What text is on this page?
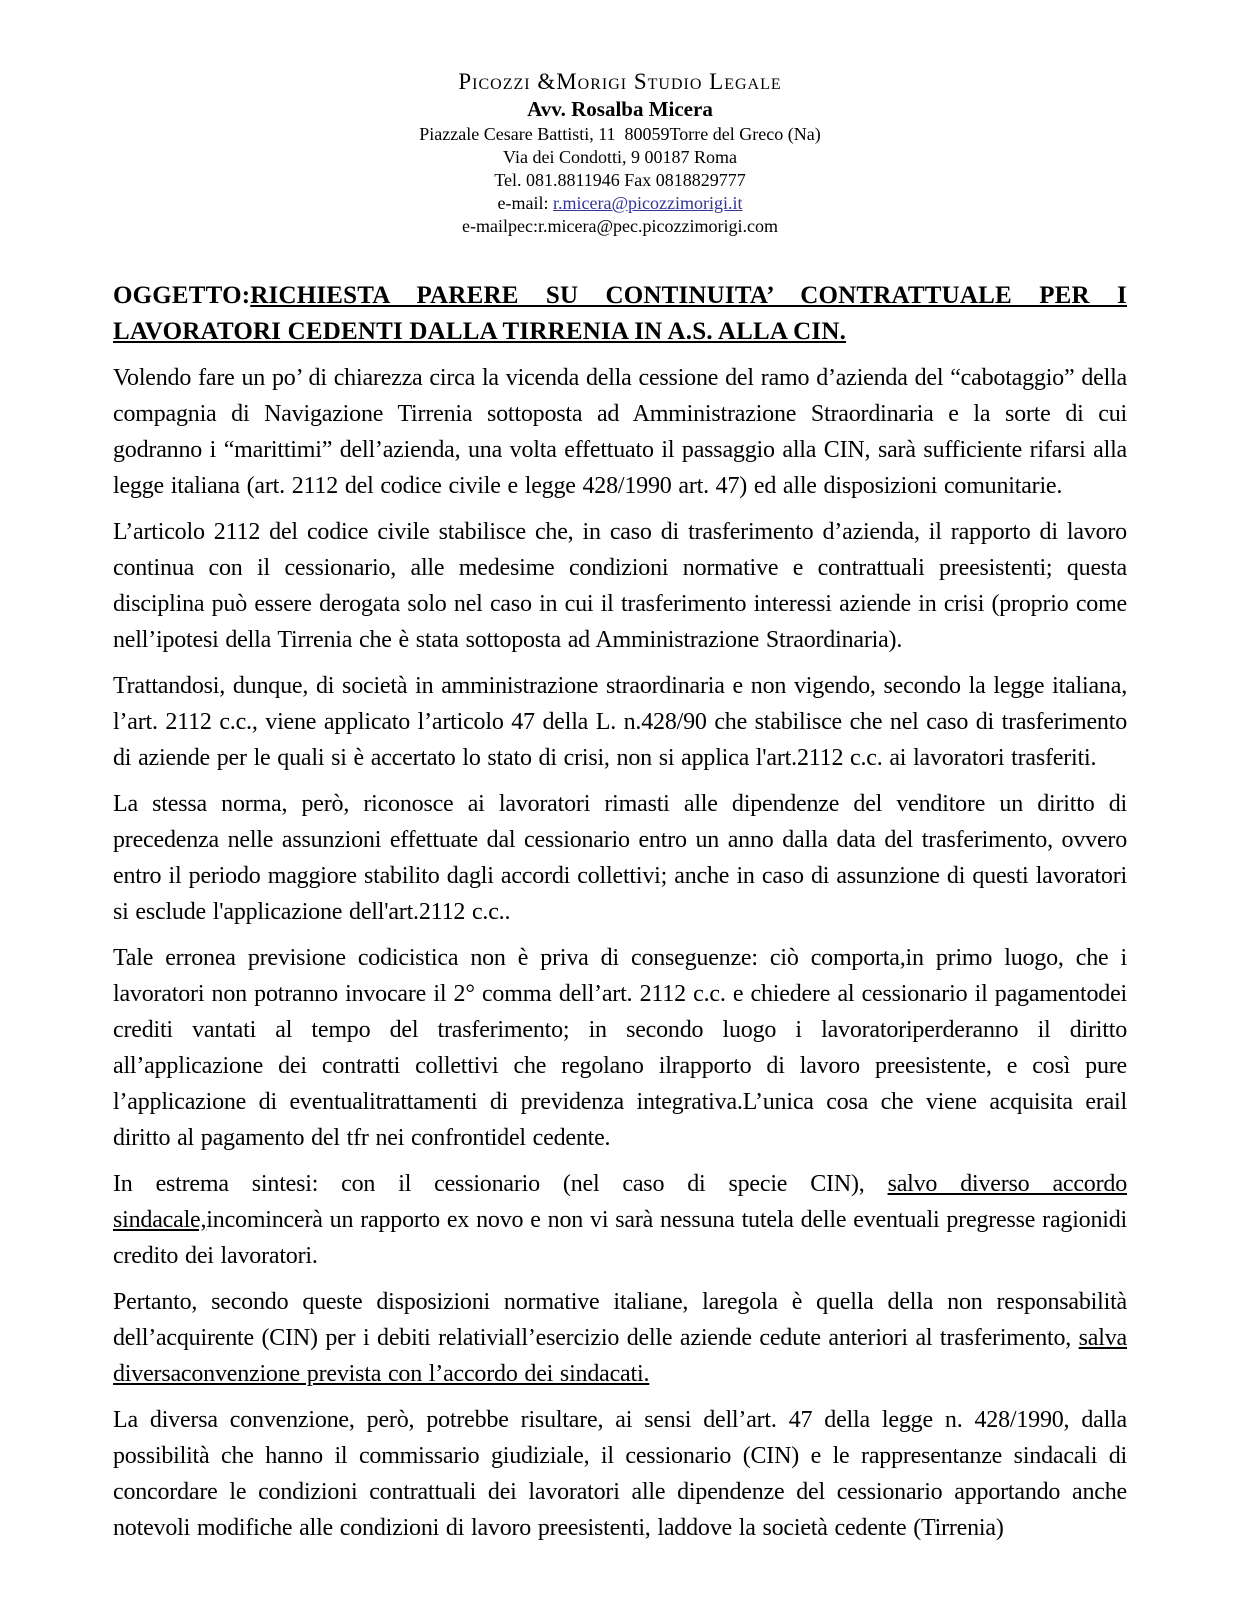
Picozzi &Morigi Studio Legale
Avv. Rosalba Micera
Piazzale Cesare Battisti, 11  80059Torre del Greco (Na)
Via dei Condotti, 9 00187 Roma
Tel. 081.8811946 Fax 0818829777
e-mail: r.micera@picozzimorigi.it
e-mailpec:r.micera@pec.picozzimorigi.com

OGGETTO:RICHIESTA PARERE SU CONTINUITA’ CONTRATTUALE PER I LAVORATORI CEDENTI DALLA TIRRENIA IN A.S. ALLA CIN.

Volendo fare un po’ di chiarezza circa la vicenda della cessione del ramo d’azienda del “cabotaggio” della compagnia di Navigazione Tirrenia sottoposta ad Amministrazione Straordinaria e la sorte di cui godranno i “marittimi” dell’azienda, una volta effettuato il passaggio alla CIN, sarà sufficiente rifarsi alla legge italiana (art. 2112 del codice civile e legge 428/1990 art. 47) ed alle disposizioni comunitarie.

L’articolo 2112 del codice civile stabilisce che, in caso di trasferimento d’azienda, il rapporto di lavoro continua con il cessionario, alle medesime condizioni normative e contrattuali preesistenti; questa disciplina può essere derogata solo nel caso in cui il trasferimento interessi aziende in crisi (proprio come nell’ipotesi della Tirrenia che è stata sottoposta ad Amministrazione Straordinaria).

Trattandosi, dunque, di società in amministrazione straordinaria e non vigendo, secondo la legge italiana, l’art. 2112 c.c., viene applicato l’articolo 47 della L. n.428/90 che stabilisce che nel caso di trasferimento di aziende per le quali si è accertato lo stato di crisi, non si applica l'art.2112 c.c. ai lavoratori trasferiti.

La stessa norma, però, riconosce ai lavoratori rimasti alle dipendenze del venditore un diritto di precedenza nelle assunzioni effettuate dal cessionario entro un anno dalla data del trasferimento, ovvero entro il periodo maggiore stabilito dagli accordi collettivi; anche in caso di assunzione di questi lavoratori si esclude l'applicazione dell'art.2112 c.c..

Tale erronea previsione codicistica non è priva di conseguenze: ciò comporta,in primo luogo, che i lavoratori non potranno invocare il 2° comma dell’art. 2112 c.c. e chiedere al cessionario il pagamentodei crediti vantati al tempo del trasferimento; in secondo luogo i lavoratoriperderanno il diritto all’applicazione dei contratti collettivi che regolano ilrapporto di lavoro preesistente, e così pure l’applicazione di eventualitrattamenti di previdenza integrativa.L’unica cosa che viene acquisita erail diritto al pagamento del tfr nei confrontidel cedente.

In estrema sintesi: con il cessionario (nel caso di specie CIN), salvo diverso accordo sindacale,incomincerà un rapporto ex novo e non vi sarà nessuna tutela delle eventuali pregresse ragionidi credito dei lavoratori.

Pertanto, secondo queste disposizioni normative italiane, laregola è quella della non responsabilità dell’acquirente (CIN) per i debiti relativiall’esercizio delle aziende cedute anteriori al trasferimento, salva diversaconvenzione prevista con l’accordo dei sindacati.

La diversa convenzione, però, potrebbe risultare, ai sensi dell’art. 47 della legge n. 428/1990, dalla possibilità che hanno il commissario giudiziale, il cessionario (CIN) e le rappresentanze sindacali di concordare le condizioni contrattuali dei lavoratori alle dipendenze del cessionario apportando anche notevoli modifiche alle condizioni di lavoro preesistenti, laddove la società cedente (Tirrenia)
